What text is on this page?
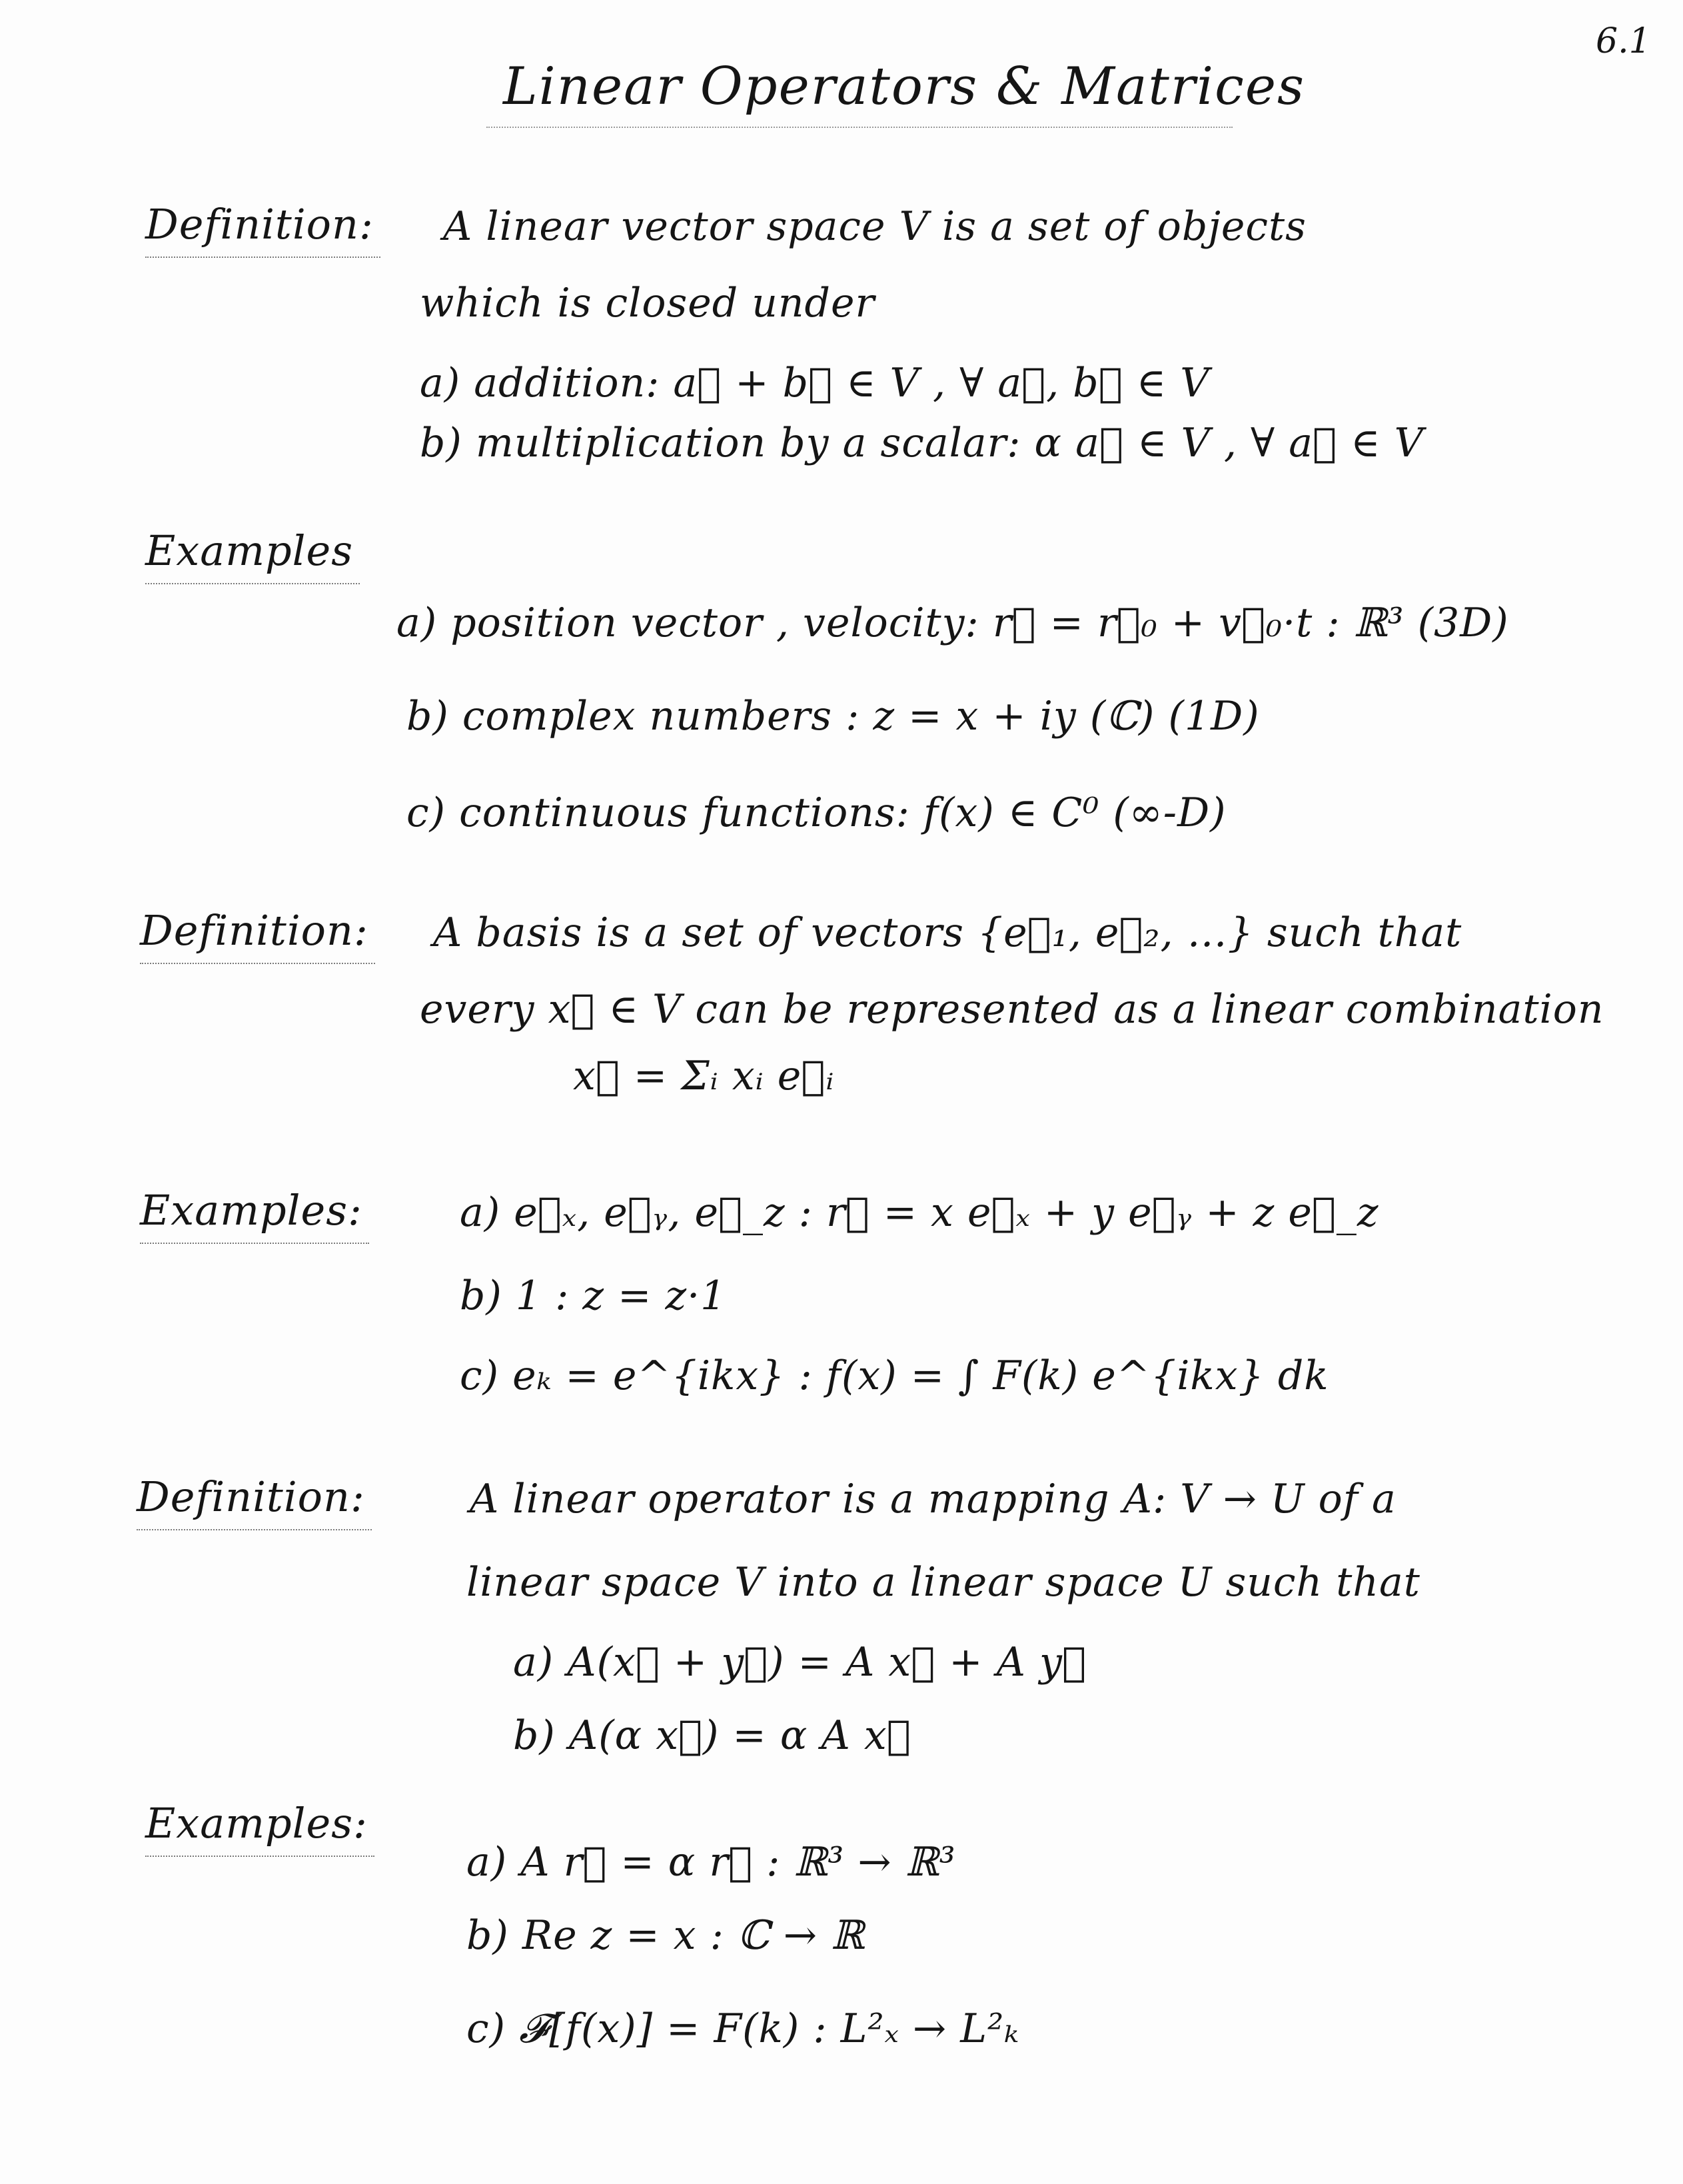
6.1
Linear Operators & Matrices
Definition: A linear vector space V is a set of objects
which is closed under
a) addition: a⃗ + b⃗ ∈ V , ∀ a⃗, b⃗ ∈ V
b) multiplication by a scalar: α a⃗ ∈ V , ∀ a⃗ ∈ V
Examples
a) position vector , velocity: r⃗ = r⃗₀ + v⃗₀·t : ℝ³ (3D)
b) complex numbers : z = x + iy (ℂ) (1D)
c) continuous functions: f(x) ∈ C⁰ (∞-D)
Definition: A basis is a set of vectors {e⃗₁, e⃗₂, …} such that
every x⃗ ∈ V can be represented as a linear combination
x⃗ = Σᵢ xᵢ e⃗ᵢ
Examples: a) e⃗ₓ, e⃗ᵧ, e⃗_z : r⃗ = x e⃗ₓ + y e⃗ᵧ + z e⃗_z
b) 1 : z = z·1
c) eₖ = e^{ikx} : f(x) = ∫ F(k) e^{ikx} dk
Definition:	A linear operator is a mapping A: V → U of a
linear space V into a linear space U such that
a) A(x⃗ + y⃗) = A x⃗ + A y⃗
b) A(α x⃗) = α A x⃗
Examples:
a) A r⃗ = α r⃗ : ℝ³ → ℝ³
b) Re z = x : ℂ → ℝ
c) 𝓕[f(x)] = F(k) : L²ₓ → L²ₖ
